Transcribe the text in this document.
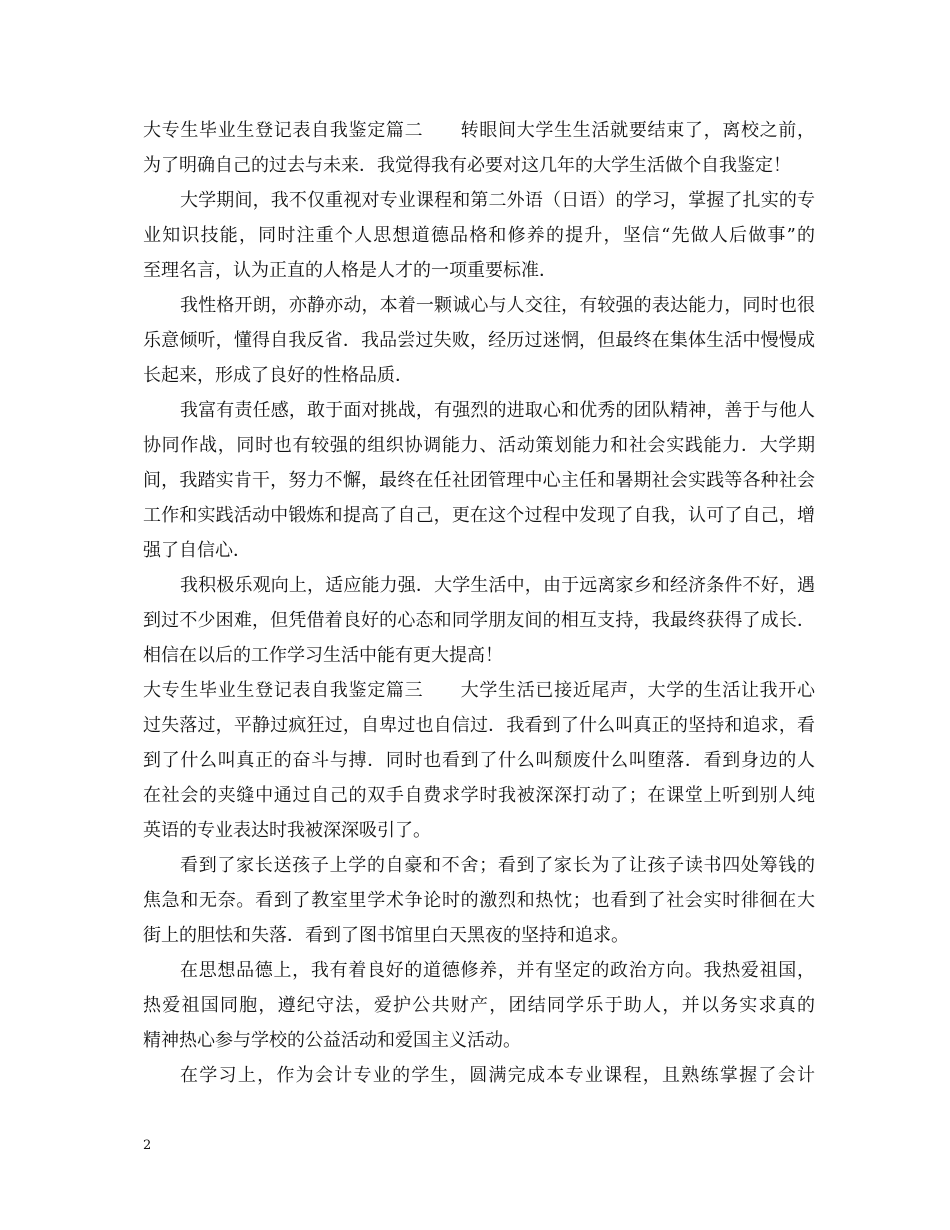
大专生毕业生登记表自我鉴定篇二　　转眼间大学生生活就要结束了，离校之前，
为了明确自己的过去与未来．我觉得我有必要对这几年的大学生活做个自我鉴定！
大学期间，我不仅重视对专业课程和第二外语（日语）的学习，掌握了扎实的专
业知识技能，同时注重个人思想道德品格和修养的提升，坚信“先做人后做事”的
至理名言，认为正直的人格是人才的一项重要标准．
我性格开朗，亦静亦动，本着一颗诚心与人交往，有较强的表达能力，同时也很
乐意倾听，懂得自我反省．我品尝过失败，经历过迷惘，但最终在集体生活中慢慢成
长起来，形成了良好的性格品质．
我富有责任感，敢于面对挑战，有强烈的进取心和优秀的团队精神，善于与他人
协同作战，同时也有较强的组织协调能力、活动策划能力和社会实践能力．大学期
间，我踏实肯干，努力不懈，最终在任社团管理中心主任和暑期社会实践等各种社会
工作和实践活动中锻炼和提高了自己，更在这个过程中发现了自我，认可了自己，增
强了自信心．
我积极乐观向上，适应能力强．大学生活中，由于远离家乡和经济条件不好，遇
到过不少困难，但凭借着良好的心态和同学朋友间的相互支持，我最终获得了成长．
相信在以后的工作学习生活中能有更大提高！
大专生毕业生登记表自我鉴定篇三　　大学生活已接近尾声，大学的生活让我开心
过失落过，平静过疯狂过，自卑过也自信过．我看到了什么叫真正的坚持和追求，看
到了什么叫真正的奋斗与搏．同时也看到了什么叫颓废什么叫堕落．看到身边的人
在社会的夹缝中通过自己的双手自费求学时我被深深打动了；在课堂上听到别人纯
英语的专业表达时我被深深吸引了。
看到了家长送孩子上学的自豪和不舍；看到了家长为了让孩子读书四处筹钱的
焦急和无奈。看到了教室里学术争论时的激烈和热忱；也看到了社会实时徘徊在大
街上的胆怯和失落．看到了图书馆里白天黑夜的坚持和追求。
在思想品德上，我有着良好的道德修养，并有坚定的政治方向。我热爱祖国，
热爱祖国同胞，遵纪守法，爱护公共财产，团结同学乐于助人，并以务实求真的
精神热心参与学校的公益活动和爱国主义活动。
在学习上，作为会计专业的学生，圆满完成本专业课程，且熟练掌握了会计
2
